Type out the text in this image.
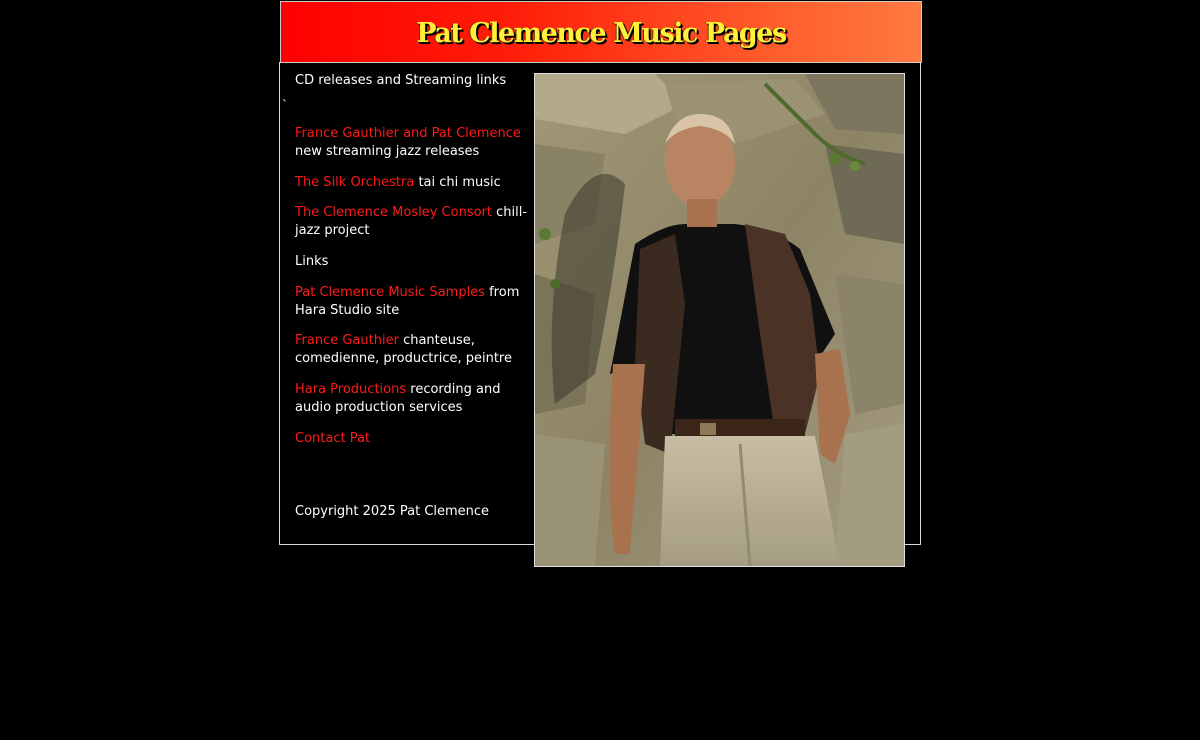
Pat Clemence Music Pages
`

CD releases and Streaming links

France Gauthier and Pat Clemence
new streaming jazz releases

The Silk Orchestra tai chi music

The Clemence Mosley Consort chill-jazz project

Links

Pat Clemence Music Samples from Hara Studio site

France Gauthier chanteuse, comedienne, productrice, peintre

Hara Productions recording and audio production services

Contact Pat

Copyright 2025 Pat Clemence
